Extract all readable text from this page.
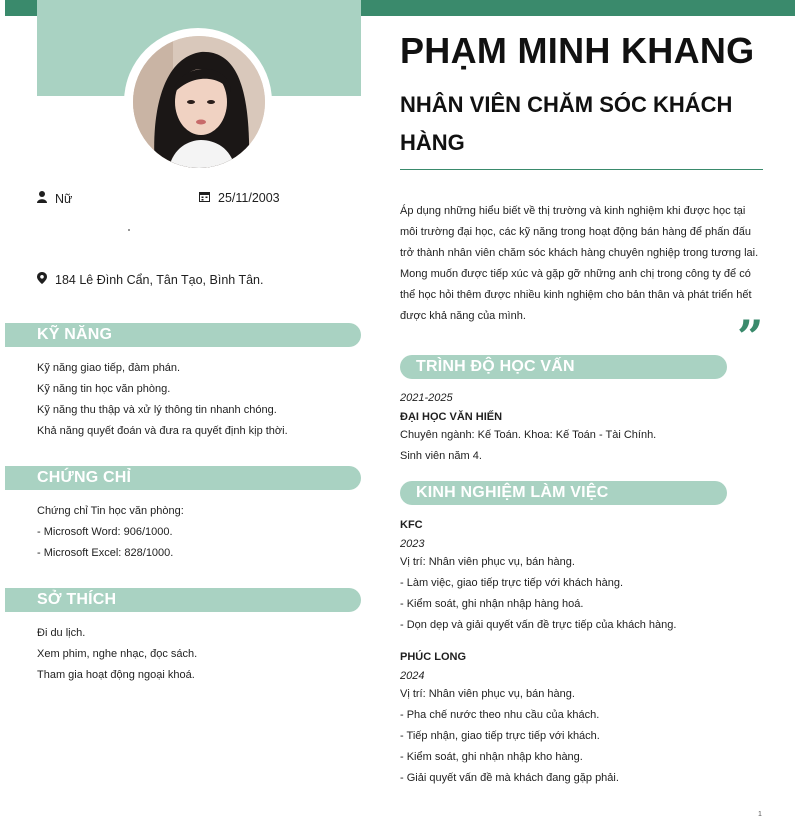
Nữ	25/11/2003
184 Lê Đình Cẩn, Tân Tạo, Bình Tân.
KỸ NĂNG
Kỹ năng giao tiếp, đàm phán.
Kỹ năng tin học văn phòng.
Kỹ năng thu thập và xử lý thông tin nhanh chóng.
Khả năng quyết đoán và đưa ra quyết định kịp thời.
CHỨNG CHỈ
Chứng chỉ Tin học văn phòng:
- Microsoft Word: 906/1000.
- Microsoft Excel: 828/1000.
SỞ THÍCH
Đi du lịch.
Xem phim, nghe nhạc, đọc sách.
Tham gia hoạt động ngoại khoá.
PHẠM MINH KHANG
NHÂN VIÊN CHĂM SÓC KHÁCH HÀNG
Áp dụng những hiểu biết về thị trường và kinh nghiệm khi được học tại môi trường đại học, các kỹ năng trong hoạt động bán hàng để phấn đấu trở thành nhân viên chăm sóc khách hàng chuyên nghiệp trong tương lai. Mong muốn được tiếp xúc và gặp gỡ những anh chị trong công ty để có thể học hỏi thêm được nhiều kinh nghiệm cho bản thân và phát triển hết được khả năng của mình.	”
TRÌNH ĐỘ HỌC VẤN
2021-2025
ĐẠI HỌC VĂN HIẾN
Chuyên ngành: Kế Toán. Khoa: Kế Toán - Tài Chính.
Sinh viên năm 4.
KINH NGHIỆM LÀM VIỆC
KFC
2023
Vị trí: Nhân viên phục vụ, bán hàng.
- Làm việc, giao tiếp trực tiếp với khách hàng.
- Kiểm soát, ghi nhận nhập hàng hoá.
- Dọn dẹp và giải quyết vấn đề trực tiếp của khách hàng.
PHÚC LONG
2024
Vị trí: Nhân viên phục vụ, bán hàng.
- Pha chế nước theo nhu cầu của khách.
- Tiếp nhận, giao tiếp trực tiếp với khách.
- Kiểm soát, ghi nhận nhập kho hàng.
- Giải quyết vấn đề mà khách đang gặp phải.
1
